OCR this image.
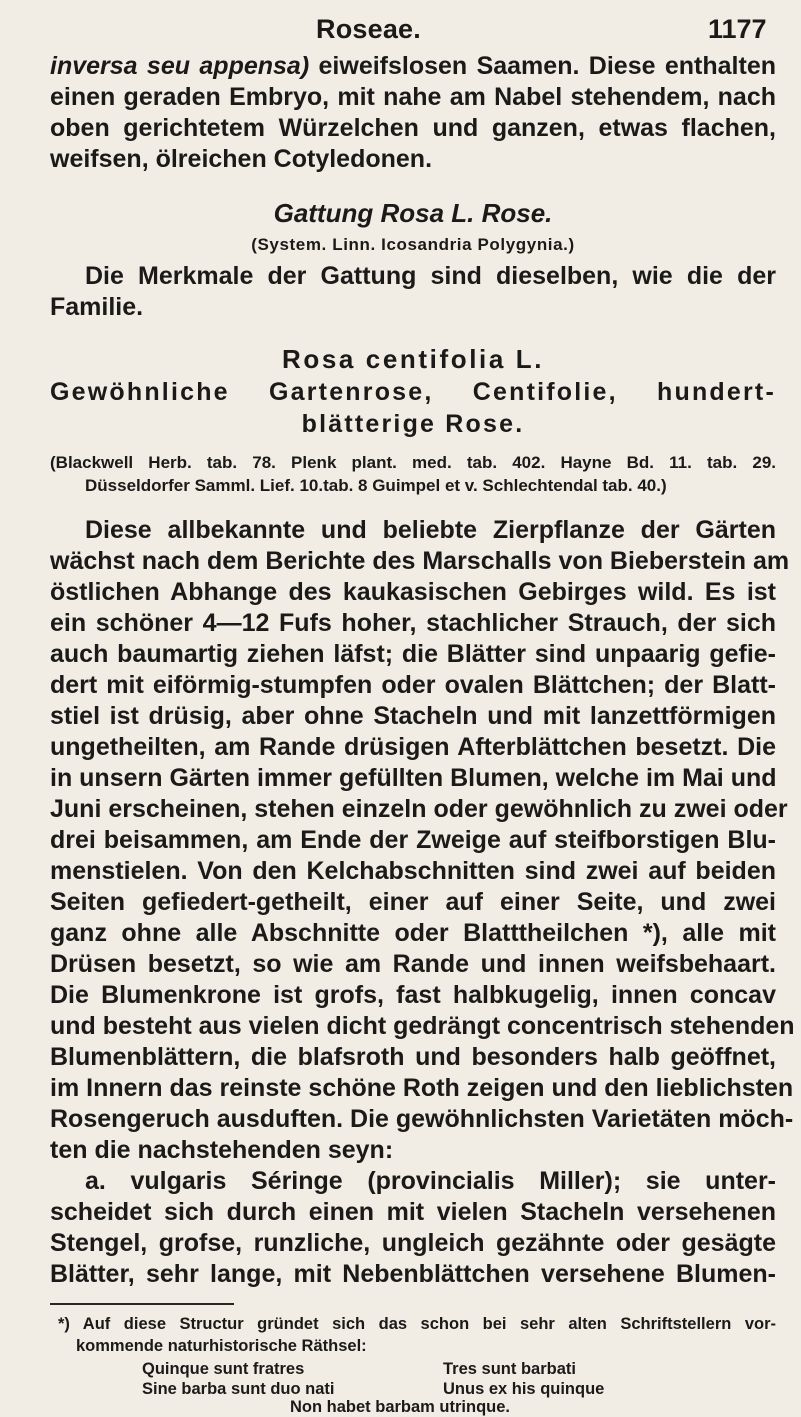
Roseae.	1177
inversa seu appensa) eiweifslosen Saamen. Diese enthalten
einen geraden Embryo, mit nahe am Nabel stehendem, nach
oben gerichtetem Würzelchen und ganzen, etwas flachen,
weifsen, ölreichen Cotyledonen.
Gattung Rosa L. Rose.
(System. Linn. Icosandria Polygynia.)
Die Merkmale der Gattung sind dieselben, wie die der
Familie.
Rosa centifolia L.
Gewöhnliche Gartenrose, Centifolie, hundert-
blätterige Rose.
(Blackwell Herb. tab. 78. Plenk plant. med. tab. 402. Hayne Bd. 11. tab. 29.
Düsseldorfer Samml. Lief. 10.tab. 8 Guimpel et v. Schlechtendal tab. 40.)
Diese allbekannte und beliebte Zierpflanze der Gärten
wächst nach dem Berichte des Marschalls von Bieberstein am
östlichen Abhange des kaukasischen Gebirges wild. Es ist
ein schöner 4—12 Fufs hoher, stachlicher Strauch, der sich
auch baumartig ziehen läfst; die Blätter sind unpaarig gefie-
dert mit eiförmig-stumpfen oder ovalen Blättchen; der Blatt-
stiel ist drüsig, aber ohne Stacheln und mit lanzettförmigen
ungetheilten, am Rande drüsigen Afterblättchen besetzt. Die
in unsern Gärten immer gefüllten Blumen, welche im Mai und
Juni erscheinen, stehen einzeln oder gewöhnlich zu zwei oder
drei beisammen, am Ende der Zweige auf steifborstigen Blu-
menstielen. Von den Kelchabschnitten sind zwei auf beiden
Seiten gefiedert-getheilt, einer auf einer Seite, und zwei
ganz ohne alle Abschnitte oder Blatttheilchen *), alle mit
Drüsen besetzt, so wie am Rande und innen weifsbehaart.
Die Blumenkrone ist grofs, fast halbkugelig, innen concav
und besteht aus vielen dicht gedrängt concentrisch stehenden
Blumenblättern, die blafsroth und besonders halb geöffnet,
im Innern das reinste schöne Roth zeigen und den lieblichsten
Rosengeruch ausduften. Die gewöhnlichsten Varietäten möch-
ten die nachstehenden seyn:
a. vulgaris Séringe (provincialis Miller); sie unter-
scheidet sich durch einen mit vielen Stacheln versehenen
Stengel, grofse, runzliche, ungleich gezähnte oder gesägte
Blätter, sehr lange, mit Nebenblättchen versehene Blumen-
*) Auf diese Structur gründet sich das schon bei sehr alten Schriftstellern vor-
kommende naturhistorische Räthsel:
Quinque sunt fratres	Tres sunt barbati
Sine barba sunt duo nati	Unus ex his quinque
Non habet barbam utrinque.
